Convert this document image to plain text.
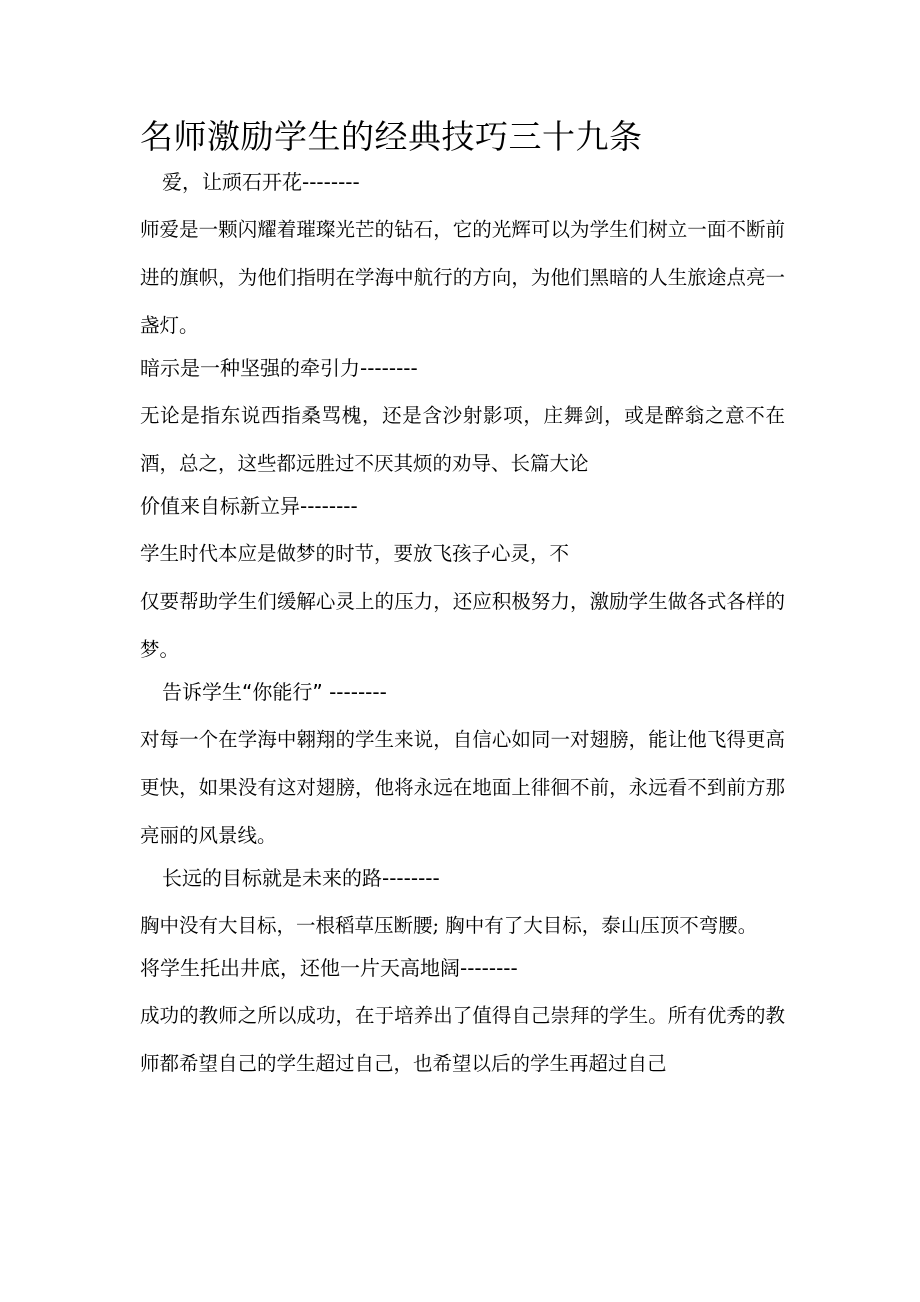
名师激励学生的经典技巧三十九条

爱，让顽石开花--------

师爱是一颗闪耀着璀璨光芒的钻石，它的光辉可以为学生们树立一面不断前进的旗帜，为他们指明在学海中航行的方向，为他们黑暗的人生旅途点亮一盏灯。

暗示是一种坚强的牵引力--------

无论是指东说西指桑骂槐，还是含沙射影项，庄舞剑，或是醉翁之意不在酒，总之，这些都远胜过不厌其烦的劝导、长篇大论

价值来自标新立异--------

学生时代本应是做梦的时节，要放飞孩子心灵，不

仅要帮助学生们缓解心灵上的压力，还应积极努力，激励学生做各式各样的梦。

告诉学生“你能行” --------

对每一个在学海中翱翔的学生来说，自信心如同一对翅膀，能让他飞得更高更快，如果没有这对翅膀，他将永远在地面上徘徊不前，永远看不到前方那亮丽的风景线。

长远的目标就是未来的路--------

胸中没有大目标，一根稻草压断腰; 胸中有了大目标，泰山压顶不弯腰。

将学生托出井底，还他一片天高地阔--------

成功的教师之所以成功，在于培养出了值得自己崇拜的学生。所有优秀的教师都希望自己的学生超过自己，也希望以后的学生再超过自己
